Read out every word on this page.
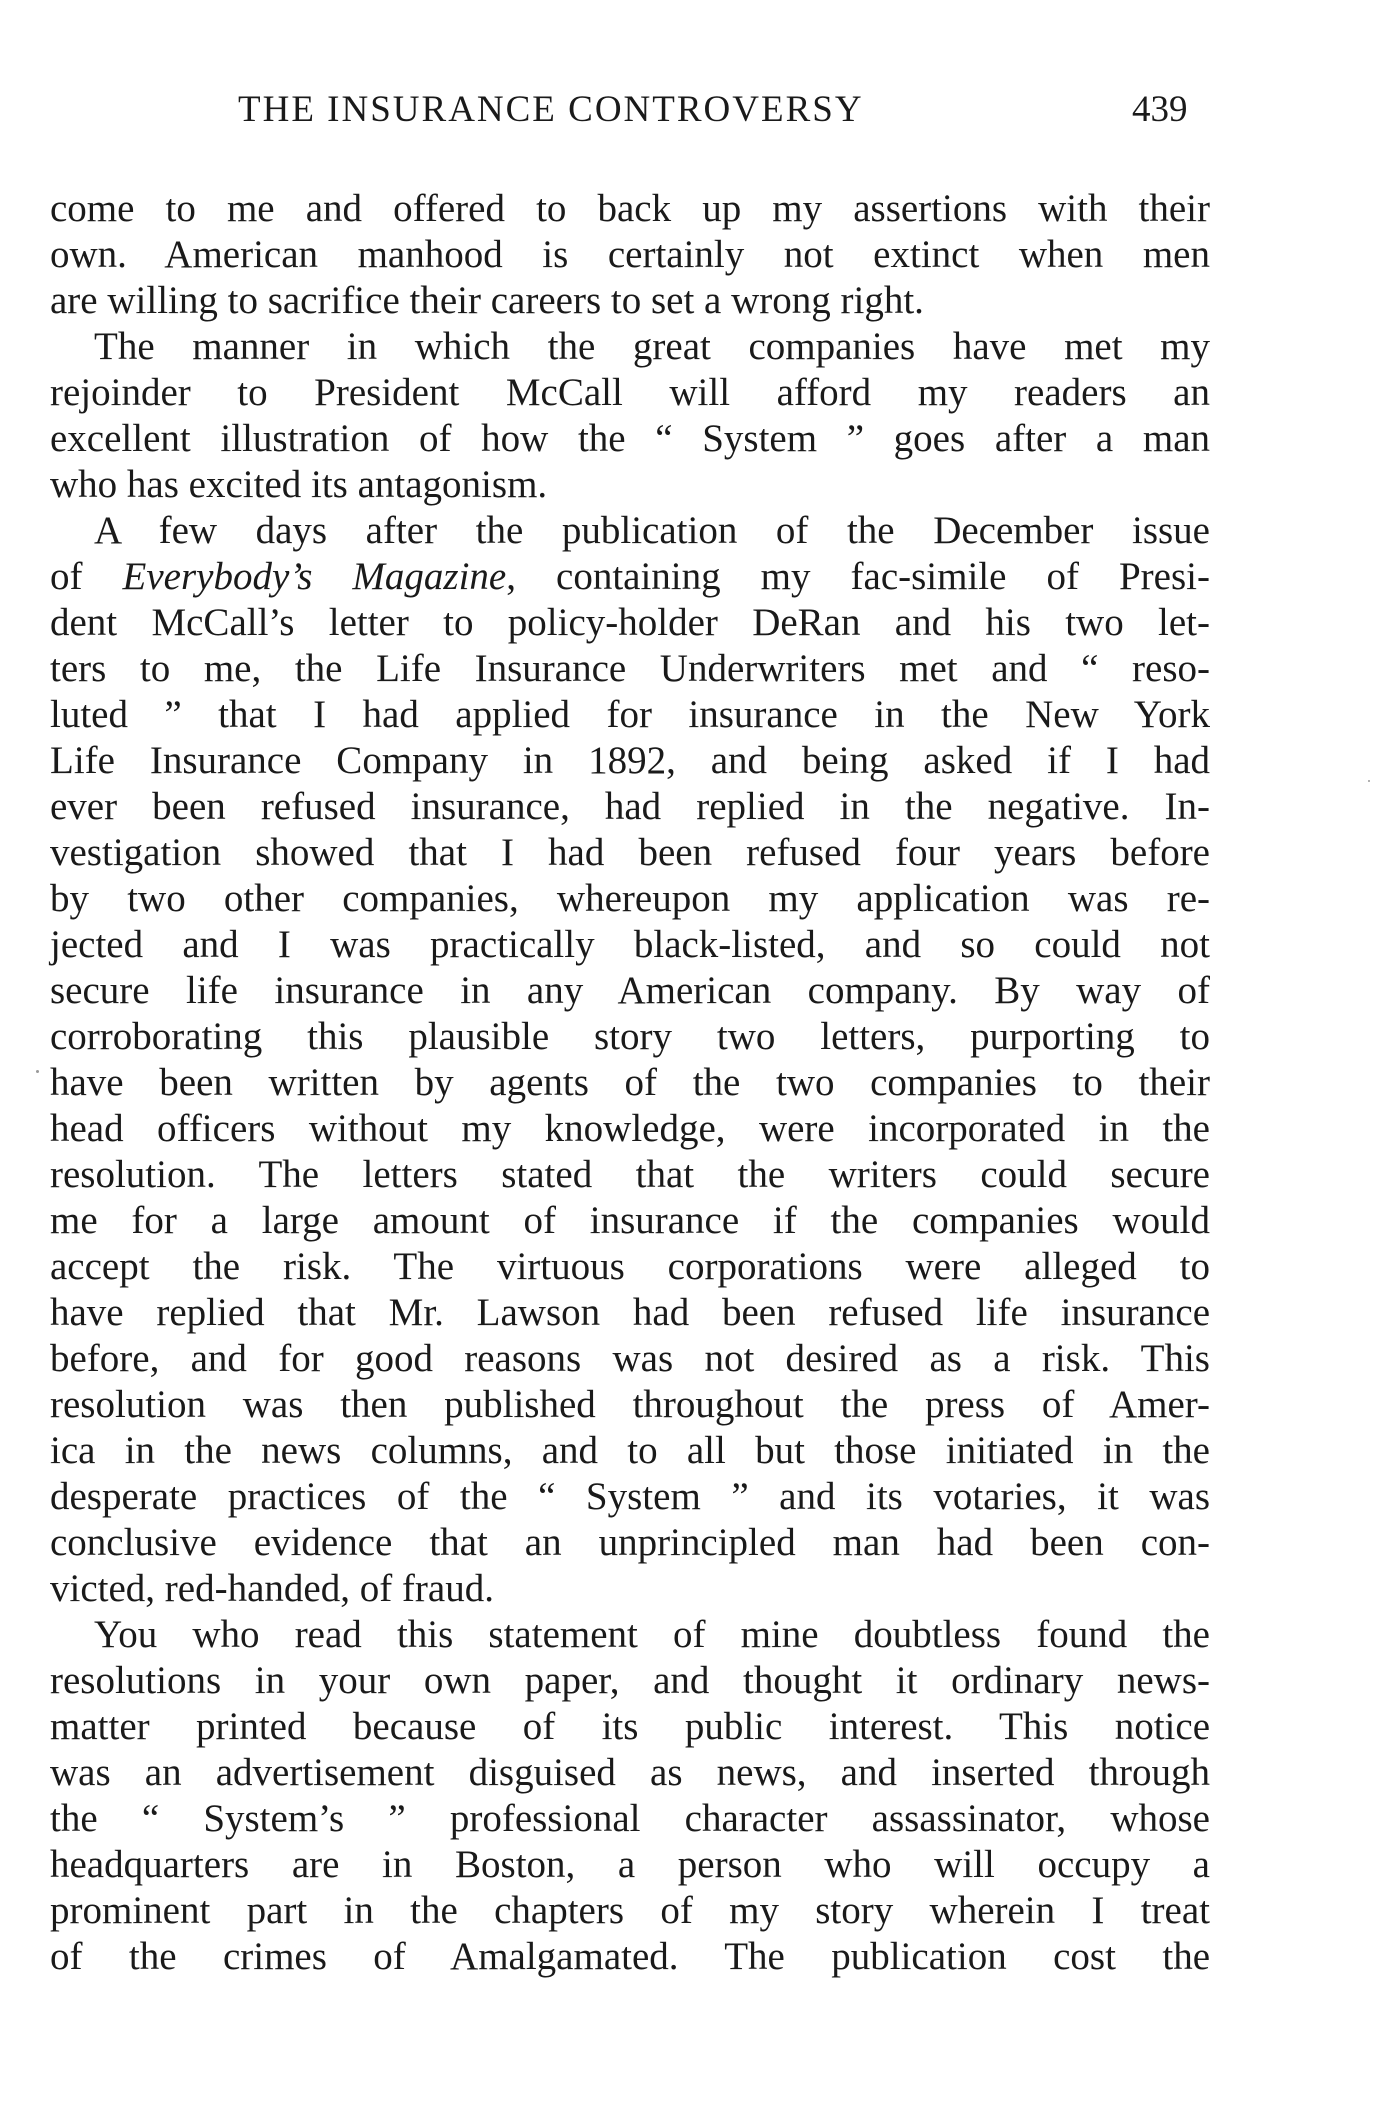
THE INSURANCE CONTROVERSY	439
come to me and offered to back up my assertions with their
own. American manhood is certainly not extinct when men
are willing to sacrifice their careers to set a wrong right.
The manner in which the great companies have met my
rejoinder to President McCall will afford my readers an
excellent illustration of how the “ System ” goes after a man
who has excited its antagonism.
A few days after the publication of the December issue
of Everybody’s Magazine, containing my fac-simile of Presi-
dent McCall’s letter to policy-holder DeRan and his two let-
ters to me, the Life Insurance Underwriters met and “ reso-
luted ” that I had applied for insurance in the New York
Life Insurance Company in 1892, and being asked if I had
ever been refused insurance, had replied in the negative. In-
vestigation showed that I had been refused four years before
by two other companies, whereupon my application was re-
jected and I was practically black-listed, and so could not
secure life insurance in any American company. By way of
corroborating this plausible story two letters, purporting to
have been written by agents of the two companies to their
head officers without my knowledge, were incorporated in the
resolution. The letters stated that the writers could secure
me for a large amount of insurance if the companies would
accept the risk. The virtuous corporations were alleged to
have replied that Mr. Lawson had been refused life insurance
before, and for good reasons was not desired as a risk. This
resolution was then published throughout the press of Amer-
ica in the news columns, and to all but those initiated in the
desperate practices of the “ System ” and its votaries, it was
conclusive evidence that an unprincipled man had been con-
victed, red-handed, of fraud.
You who read this statement of mine doubtless found the
resolutions in your own paper, and thought it ordinary news-
matter printed because of its public interest. This notice
was an advertisement disguised as news, and inserted through
the “ System’s ” professional character assassinator, whose
headquarters are in Boston, a person who will occupy a
prominent part in the chapters of my story wherein I treat
of the crimes of Amalgamated. The publication cost the
